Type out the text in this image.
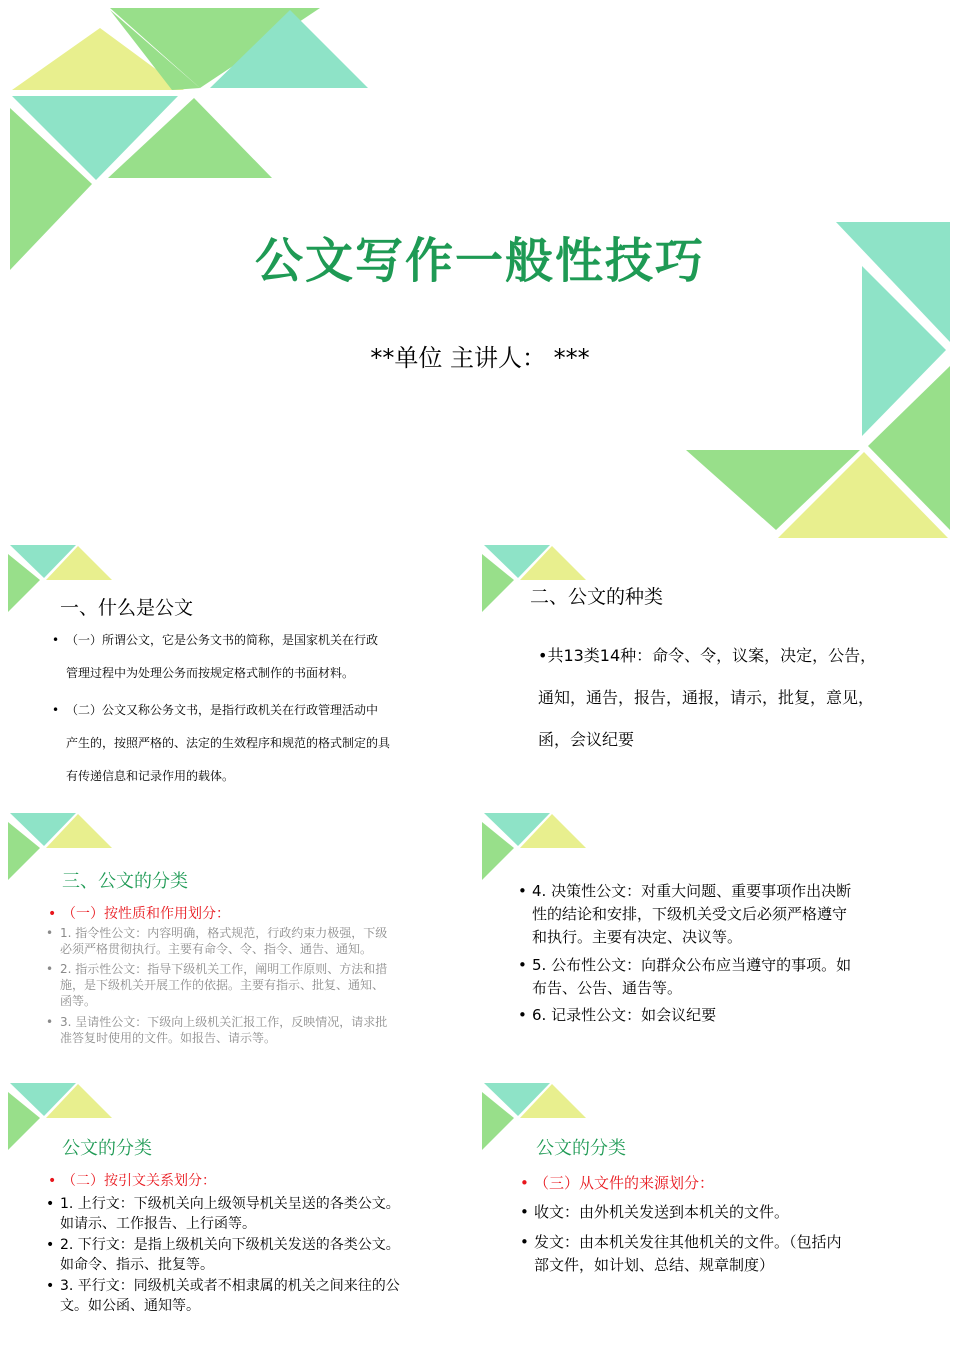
公文写作一般性技巧
**单位 主讲人： ***
一、什么是公文
• （一）所谓公文，它是公务文书的简称，是国家机关在行政
管理过程中为处理公务而按规定格式制作的书面材料。
• （二）公文又称公务文书，是指行政机关在行政管理活动中
产生的，按照严格的、法定的生效程序和规范的格式制定的具
有传递信息和记录作用的载体。
二、公文的种类
•共13类14种：命令、令，议案，决定，公告，
通知，通告，报告，通报，请示，批复，意见，
函，会议纪要
三、公文的分类
• （一）按性质和作用划分：
• 1. 指令性公文：内容明确，格式规范，行政约束力极强，下级
必须严格贯彻执行。主要有命令、令、指令、通告、通知。
• 2. 指示性公文：指导下级机关工作，阐明工作原则、方法和措
施，是下级机关开展工作的依据。主要有指示、批复、通知、
函等。
• 3. 呈请性公文：下级向上级机关汇报工作，反映情况，请求批
准答复时使用的文件。如报告、请示等。
• 4. 决策性公文：对重大问题、重要事项作出决断
性的结论和安排，下级机关受文后必须严格遵守
和执行。主要有决定、决议等。
• 5. 公布性公文：向群众公布应当遵守的事项。如
布告、公告、通告等。
• 6. 记录性公文：如会议纪要
公文的分类
• （二）按引文关系划分：
• 1. 上行文：下级机关向上级领导机关呈送的各类公文。
如请示、工作报告、上行函等。
• 2. 下行文：是指上级机关向下级机关发送的各类公文。
如命令、指示、批复等。
• 3. 平行文：同级机关或者不相隶属的机关之间来往的公
文。如公函、通知等。
公文的分类
• （三）从文件的来源划分：
• 收文：由外机关发送到本机关的文件。
• 发文：由本机关发往其他机关的文件。（包括内
部文件，如计划、总结、规章制度）
